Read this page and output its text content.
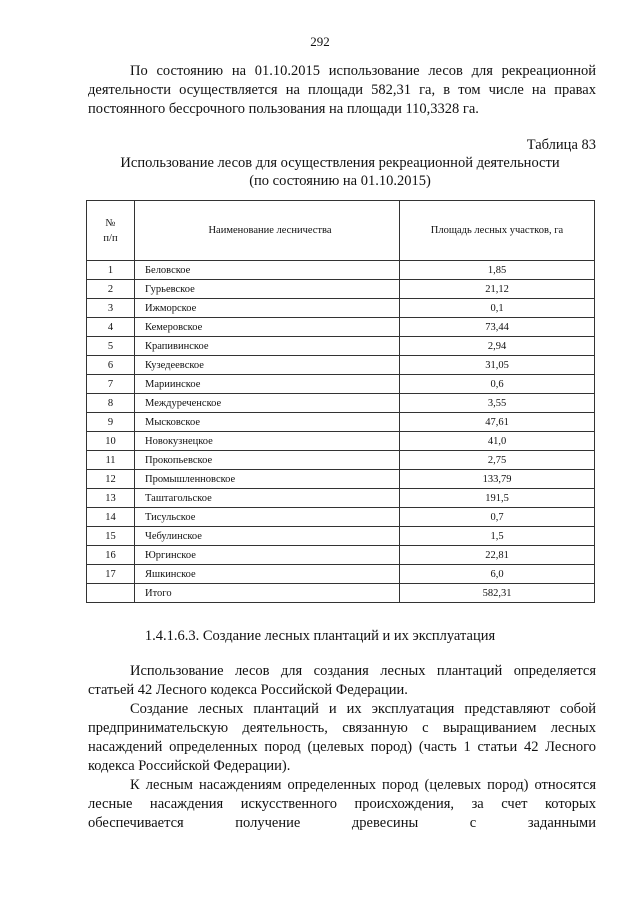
292

По состоянию на 01.10.2015 использование лесов для рекреационной деятельности осуществляется на площади 582,31 га, в том числе на правах постоянного бессрочного пользования на площади 110,3328 га.

Таблица 83
Использование лесов для осуществления рекреационной деятельности
(по состоянию на 01.10.2015)
№
п/п	Наименование лесничества	Площадь лесных участков, га
1	Беловское	1,85
2	Гурьевское	21,12
3	Ижморское	0,1
4	Кемеровское	73,44
5	Крапивинское	2,94
6	Кузедеевское	31,05
7	Мариинское	0,6
8	Междуреченское	3,55
9	Мысковское	47,61
10	Новокузнецкое	41,0
11	Прокопьевское	2,75
12	Промышленновское	133,79
13	Таштагольское	191,5
14	Тисульское	0,7
15	Чебулинское	1,5
16	Юргинское	22,81
17	Яшкинское	6,0
	Итого	582,31
1.4.1.6.3. Создание лесных плантаций и их эксплуатация

Использование лесов для создания лесных плантаций определяется статьей 42 Лесного кодекса Российской Федерации.

Создание лесных плантаций и их эксплуатация представляют собой предпринимательскую деятельность, связанную с выращиванием лесных насаждений определенных пород (целевых пород) (часть 1 статьи 42 Лесного кодекса Российской Федерации).

К лесным насаждениям определенных пород (целевых пород) относятся лесные насаждения искусственного происхождения, за счет которых обеспечивается получение древесины с заданными
